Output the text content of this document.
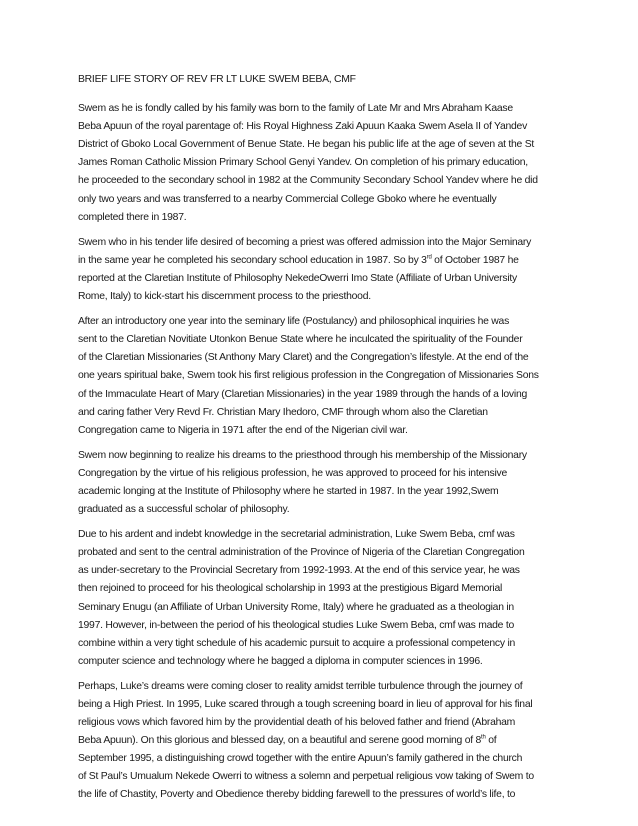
BRIEF LIFE STORY OF REV FR LT LUKE SWEM BEBA, CMF
Swem as he is fondly called by his family was born to the family of Late Mr and Mrs Abraham Kaase
Beba Apuun of the royal parentage of: His Royal Highness Zaki Apuun Kaaka Swem Asela II of Yandev
District of Gboko Local Government of Benue State. He began his public life at the age of seven at the St
James Roman Catholic Mission Primary School Genyi Yandev. On completion of his primary education,
he proceeded to the secondary school in 1982 at the Community Secondary School Yandev where he did
only two years and was transferred to a nearby Commercial College Gboko where he eventually
completed there in 1987.
Swem who in his tender life desired of becoming a priest was offered admission into the Major Seminary
in the same year he completed his secondary school education in 1987. So by 3rd of October 1987 he
reported at the Claretian Institute of Philosophy NekedeOwerri Imo State (Affiliate of Urban University
Rome, Italy) to kick-start his discernment process to the priesthood.
After an introductory one year into the seminary life (Postulancy) and philosophical inquiries he was
sent to the Claretian Novitiate Utonkon Benue State where he inculcated the spirituality of the Founder
of the Claretian Missionaries (St Anthony Mary Claret) and the Congregation’s lifestyle. At the end of the
one years spiritual bake, Swem took his first religious profession in the Congregation of Missionaries Sons
of the Immaculate Heart of Mary (Claretian Missionaries) in the year 1989 through the hands of a loving
and caring father Very Revd Fr. Christian Mary Ihedoro, CMF through whom also the Claretian
Congregation came to Nigeria in 1971 after the end of the Nigerian civil war.
Swem now beginning to realize his dreams to the priesthood through his membership of the Missionary
Congregation by the virtue of his religious profession, he was approved to proceed for his intensive
academic longing at the Institute of Philosophy where he started in 1987. In the year 1992,Swem
graduated as a successful scholar of philosophy.
Due to his ardent and indebt knowledge in the secretarial administration, Luke Swem Beba, cmf was
probated and sent to the central administration of the Province of Nigeria of the Claretian Congregation
as under-secretary to the Provincial Secretary from 1992-1993. At the end of this service year, he was
then rejoined to proceed for his theological scholarship in 1993 at the prestigious Bigard Memorial
Seminary Enugu (an Affiliate of Urban University Rome, Italy) where he graduated as a theologian in
1997. However, in-between the period of his theological studies Luke Swem Beba, cmf was made to
combine within a very tight schedule of his academic pursuit to acquire a professional competency in
computer science and technology where he bagged a diploma in computer sciences in 1996.
Perhaps, Luke’s dreams were coming closer to reality amidst terrible turbulence through the journey of
being a High Priest. In 1995, Luke scared through a tough screening board in lieu of approval for his final
religious vows which favored him by the providential death of his beloved father and friend (Abraham
Beba Apuun). On this glorious and blessed day, on a beautiful and serene good morning of 8th of
September 1995, a distinguishing crowd together with the entire Apuun’s family gathered in the church
of St Paul’s Umualum Nekede Owerri to witness a solemn and perpetual religious vow taking of Swem to
the life of Chastity, Poverty and Obedience thereby bidding farewell to the pressures of world’s life, to
